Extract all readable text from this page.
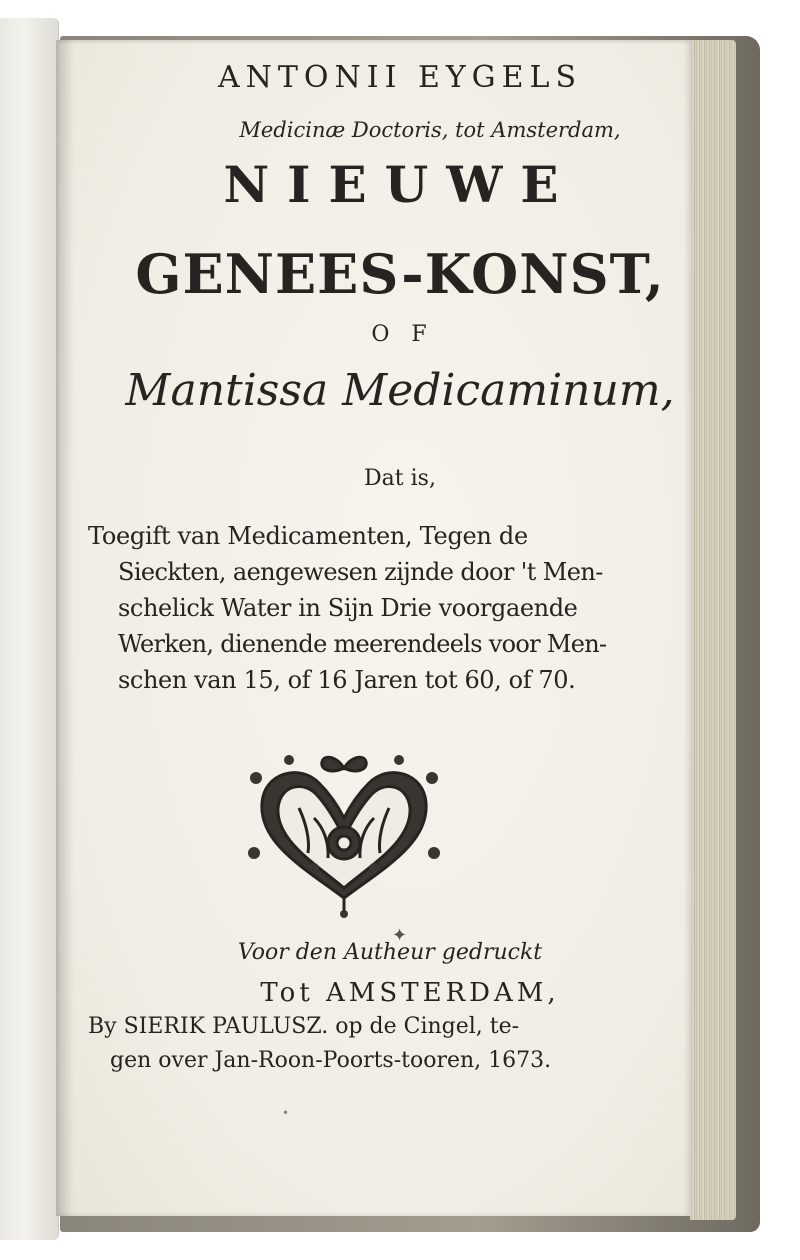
ANTONII EYGELS
Medicinæ Doctoris, tot Amsterdam,
NIEUWE
GENEES-KONST,
OF
Mantissa Medicaminum,
Dat is,
Toegift van Medicamenten, Tegen de
Sieckten, aengewesen zijnde door 't Men-
schelick Water in Sijn Drie voorgaende
Werken, dienende meerendeels voor Men-
schen van 15, of 16 Jaren tot 60, of 70.
✦
Voor den Autheur gedruckt
Tot AMSTERDAM,
By SIERIK PAULUSZ. op de Cingel, te-
gen over Jan-Roon-Poorts-tooren, 1673.
•
